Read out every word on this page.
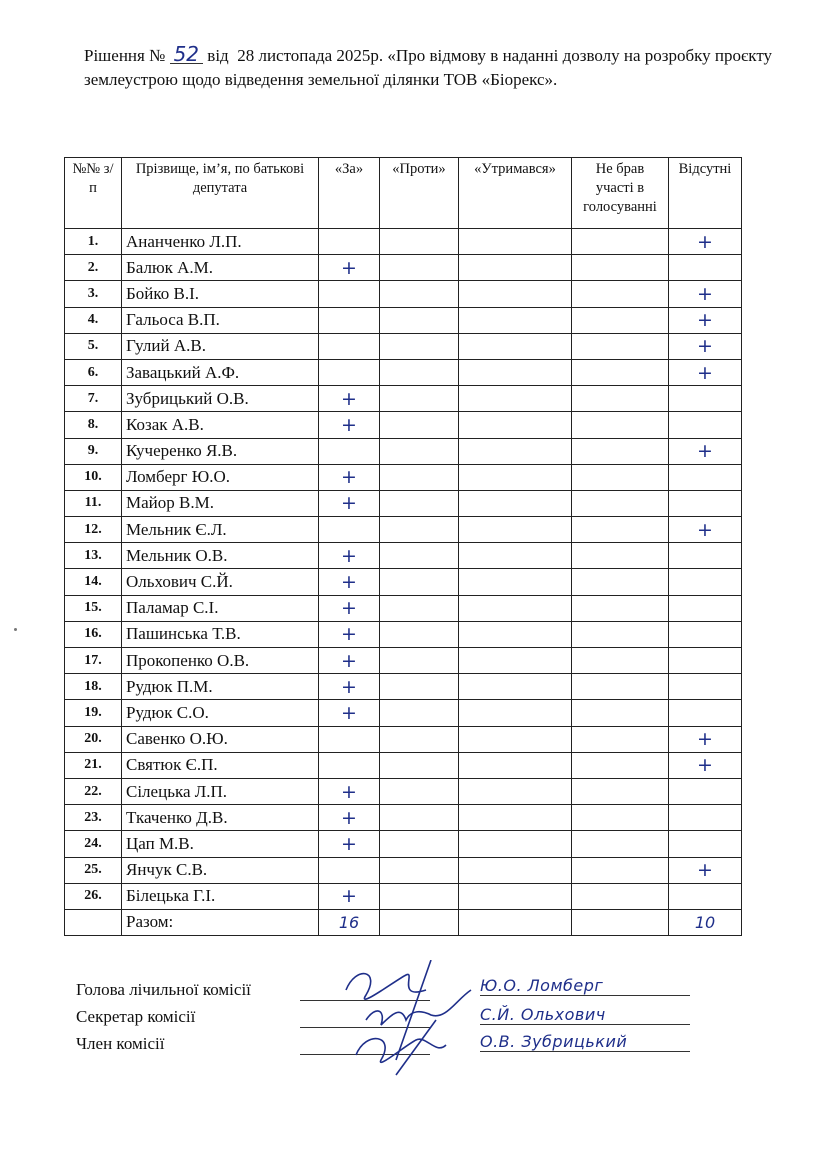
Рішення № 52 від 28 листопада 2025р. «Про відмову в наданні дозволу на розробку проєкту землеустрою щодо відведення земельної ділянки ТОВ «Біорекс».
№№ з/п	Прізвище, ім’я, по батькові депутата	«За»	«Проти»	«Утримався»	Не брав участі в голосуванні	Відсутні
1.	Ананченко Л.П.					+
2.	Балюк А.М.	+				
3.	Бойко В.І.					+
4.	Гальоса В.П.					+
5.	Гулий А.В.					+
6.	Завацький А.Ф.					+
7.	Зубрицький О.В.	+				
8.	Козак А.В.	+				
9.	Кучеренко Я.В.					+
10.	Ломберг Ю.О.	+				
11.	Майор В.М.	+				
12.	Мельник Є.Л.					+
13.	Мельник О.В.	+				
14.	Ольхович С.Й.	+				
15.	Паламар С.І.	+				
16.	Пашинська Т.В.	+				
17.	Прокопенко О.В.	+				
18.	Рудюк П.М.	+				
19.	Рудюк С.О.	+				
20.	Савенко О.Ю.					+
21.	Святюк Є.П.					+
22.	Сілецька Л.П.	+				
23.	Ткаченко Д.В.	+				
24.	Цап М.В.	+				
25.	Янчук С.В.					+
26.	Білецька Г.І.	+				
	Разом:	16				10
Голова лічильної комісії	Ю.О. Ломберг
Секретар комісії	С.Й. Ольхович
Член комісії	О.В. Зубрицький
